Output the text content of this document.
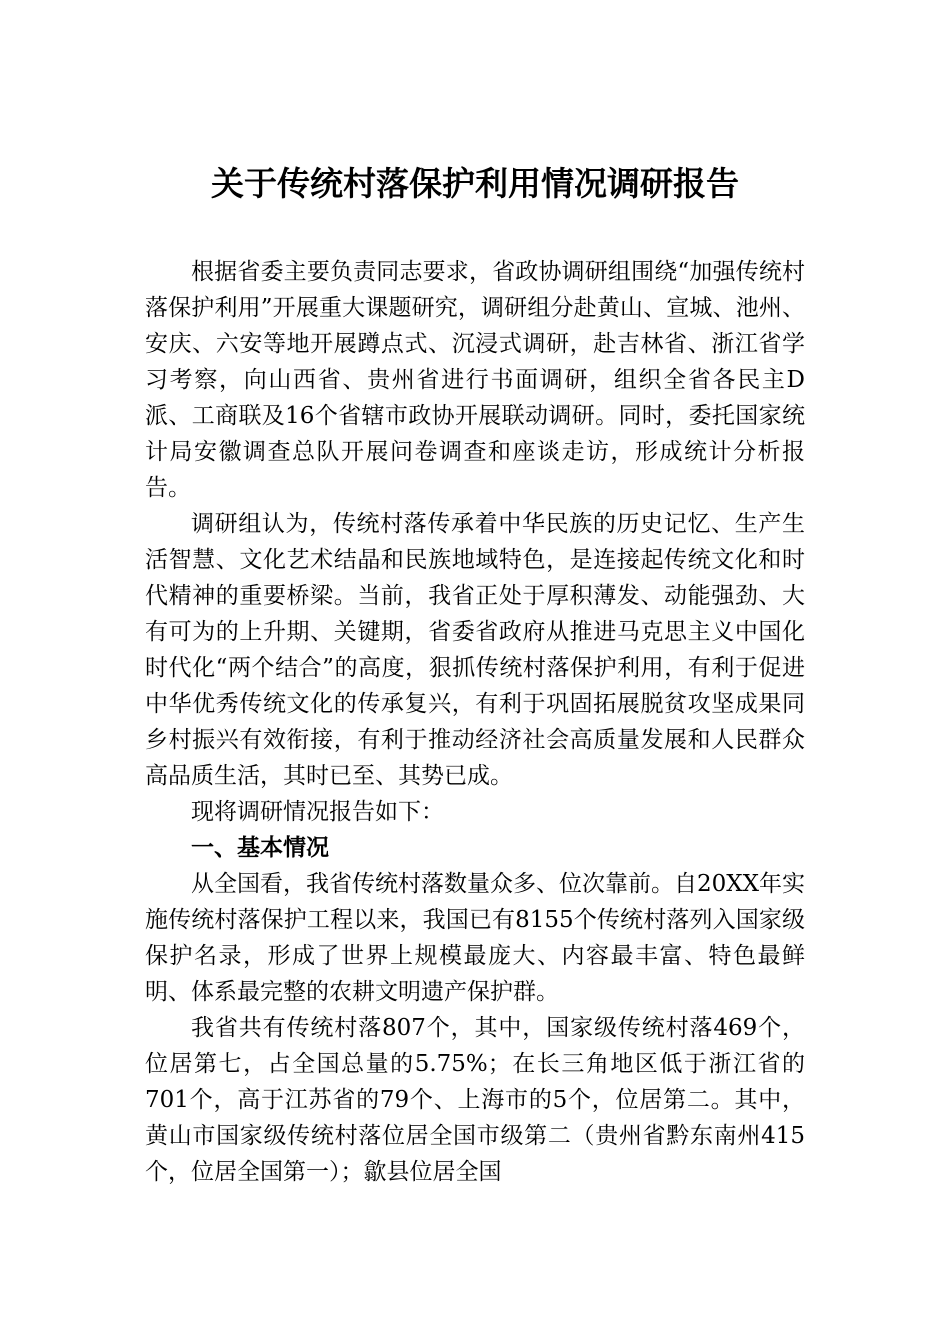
关于传统村落保护利用情况调研报告

根据省委主要负责同志要求，省政协调研组围绕“加强传统村落保护利用”开展重大课题研究，调研组分赴黄山、宣城、池州、安庆、六安等地开展蹲点式、沉浸式调研，赴吉林省、浙江省学习考察，向山西省、贵州省进行书面调研，组织全省各民主D派、工商联及16个省辖市政协开展联动调研。同时，委托国家统计局安徽调查总队开展问卷调查和座谈走访，形成统计分析报告。

调研组认为，传统村落传承着中华民族的历史记忆、生产生活智慧、文化艺术结晶和民族地域特色，是连接起传统文化和时代精神的重要桥梁。当前，我省正处于厚积薄发、动能强劲、大有可为的上升期、关键期，省委省政府从推进马克思主义中国化时代化“两个结合”的高度，狠抓传统村落保护利用，有利于促进中华优秀传统文化的传承复兴，有利于巩固拓展脱贫攻坚成果同乡村振兴有效衔接，有利于推动经济社会高质量发展和人民群众高品质生活，其时已至、其势已成。

现将调研情况报告如下：

一、基本情况

从全国看，我省传统村落数量众多、位次靠前。自20XX年实施传统村落保护工程以来，我国已有8155个传统村落列入国家级保护名录，形成了世界上规模最庞大、内容最丰富、特色最鲜明、体系最完整的农耕文明遗产保护群。

我省共有传统村落807个，其中，国家级传统村落469个，位居第七，占全国总量的5.75%；在长三角地区低于浙江省的701个，高于江苏省的79个、上海市的5个，位居第二。其中，黄山市国家级传统村落位居全国市级第二（贵州省黔东南州415个，位居全国第一）；歙县位居全国
